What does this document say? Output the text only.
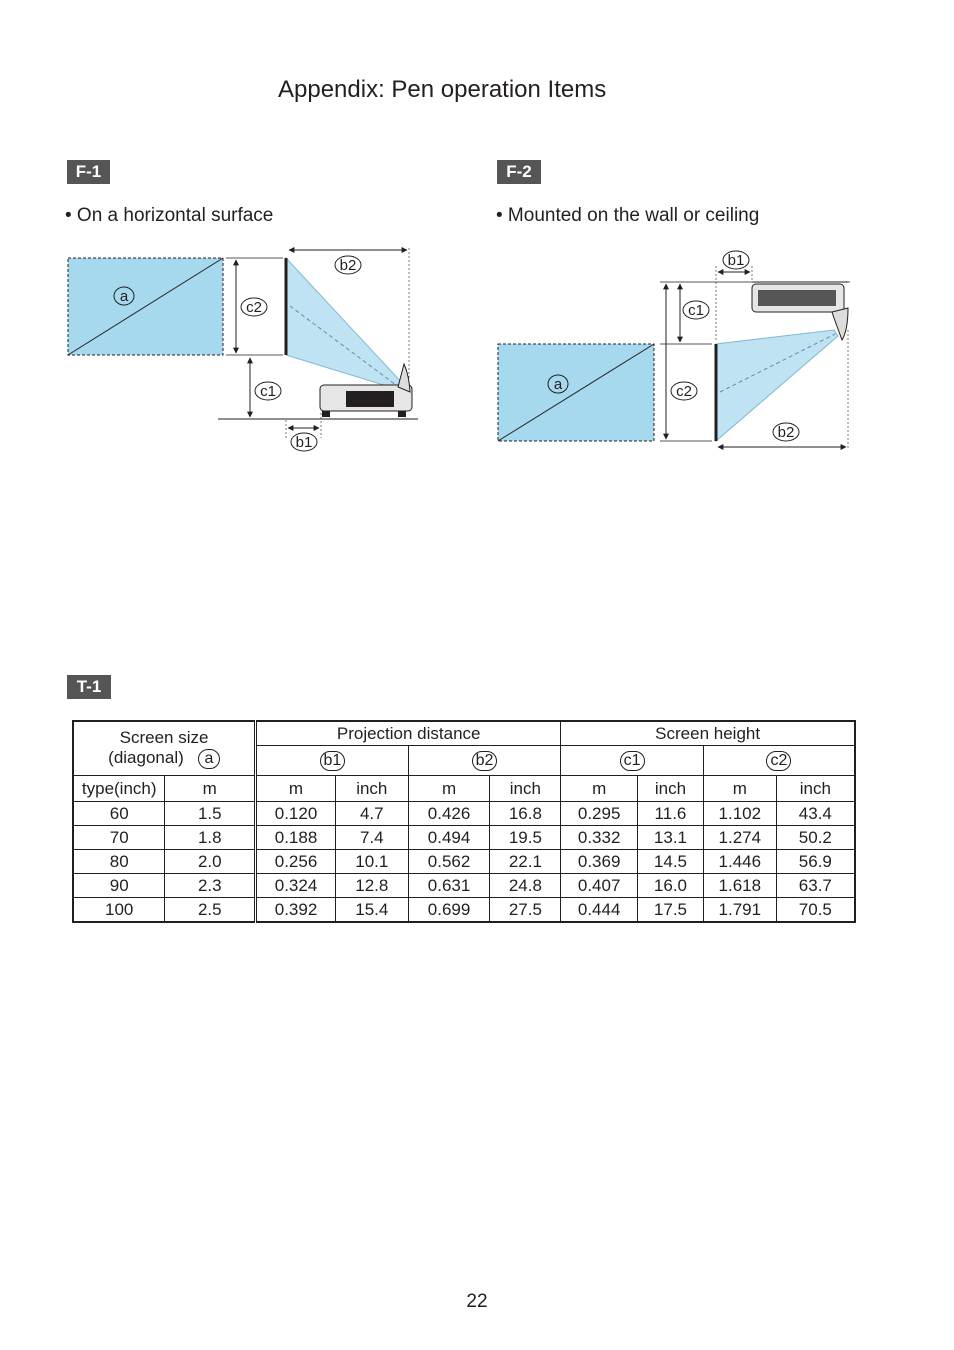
Appendix: Pen operation Items
F-1
• On a horizontal surface
a
c2
c1
b2
b1
F-2
• Mounted on the wall or ceiling
a
c1
c2
b1
b2
T-1
Screen size
(diagonal) a		Projection distance				Screen height			
		b1		b2		c1		c2	
type(inch)	m	m	inch	m	inch	m	inch	m	inch
60	1.5	0.120	4.7	0.426	16.8	0.295	11.6	1.102	43.4
70	1.8	0.188	7.4	0.494	19.5	0.332	13.1	1.274	50.2
80	2.0	0.256	10.1	0.562	22.1	0.369	14.5	1.446	56.9
90	2.3	0.324	12.8	0.631	24.8	0.407	16.0	1.618	63.7
100	2.5	0.392	15.4	0.699	27.5	0.444	17.5	1.791	70.5
22
